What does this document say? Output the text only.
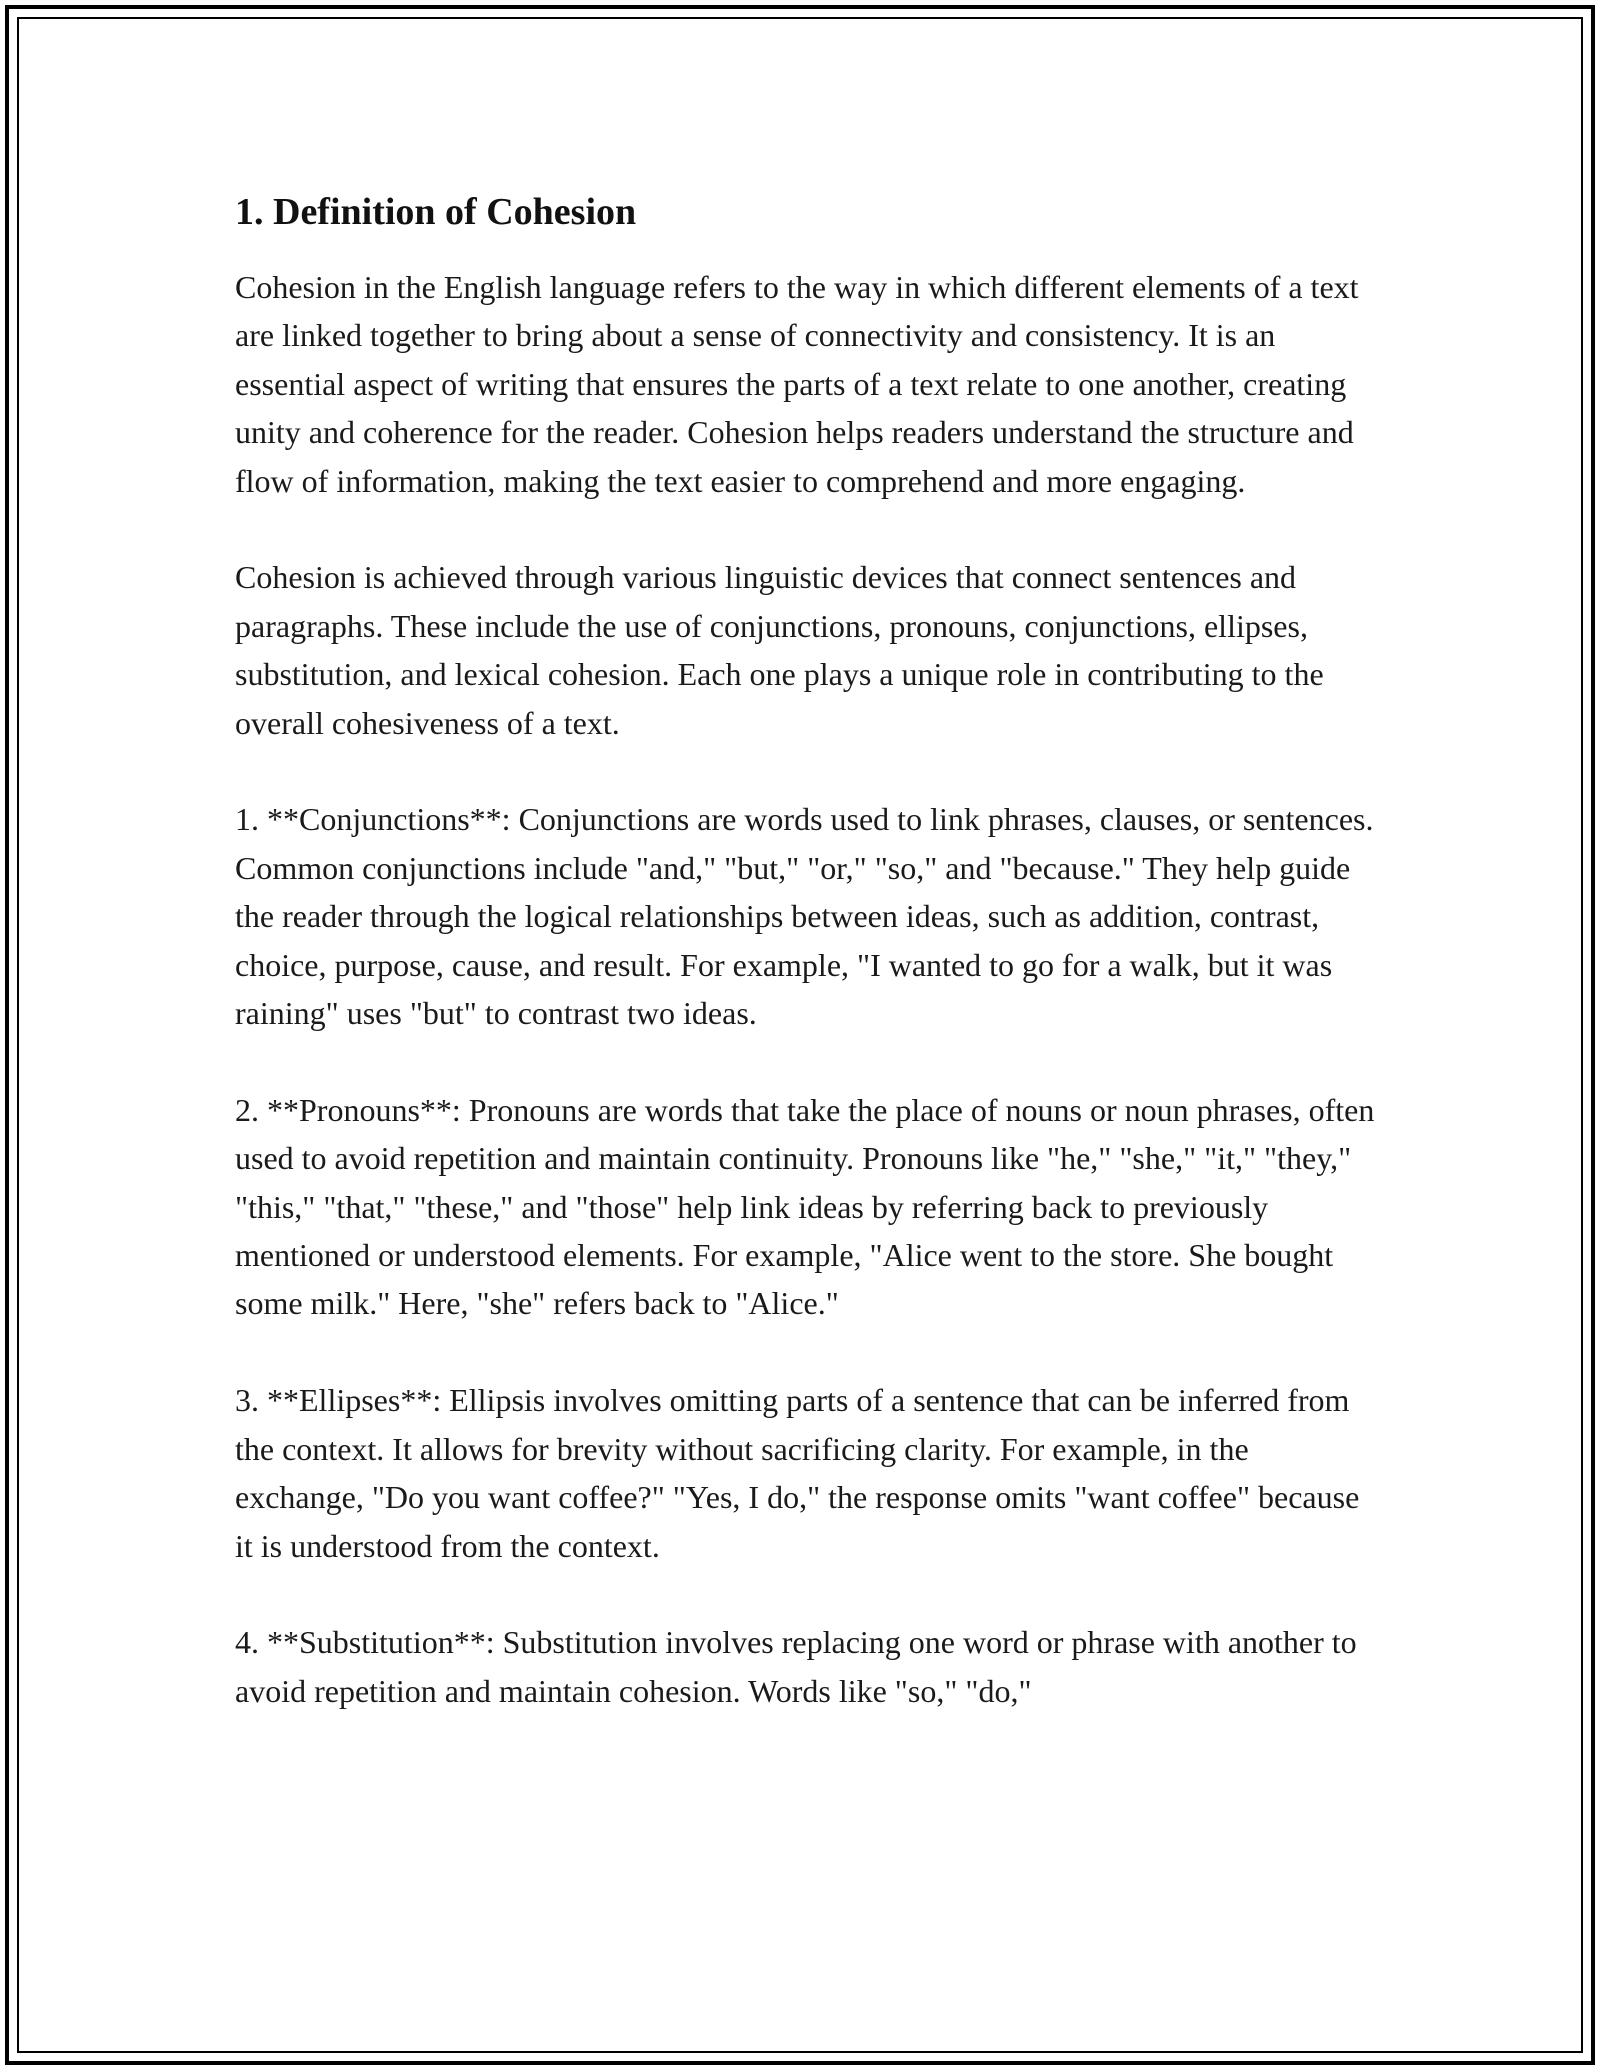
1. Definition of Cohesion

Cohesion in the English language refers to the way in which different elements of a text are linked together to bring about a sense of connectivity and consistency. It is an essential aspect of writing that ensures the parts of a text relate to one another, creating unity and coherence for the reader. Cohesion helps readers understand the structure and flow of information, making the text easier to comprehend and more engaging.

Cohesion is achieved through various linguistic devices that connect sentences and paragraphs. These include the use of conjunctions, pronouns, conjunctions, ellipses, substitution, and lexical cohesion. Each one plays a unique role in contributing to the overall cohesiveness of a text.

1. **Conjunctions**: Conjunctions are words used to link phrases, clauses, or sentences. Common conjunctions include "and," "but," "or," "so," and "because." They help guide the reader through the logical relationships between ideas, such as addition, contrast, choice, purpose, cause, and result. For example, "I wanted to go for a walk, but it was raining" uses "but" to contrast two ideas.

2. **Pronouns**: Pronouns are words that take the place of nouns or noun phrases, often used to avoid repetition and maintain continuity. Pronouns like "he," "she," "it," "they," "this," "that," "these," and "those" help link ideas by referring back to previously mentioned or understood elements. For example, "Alice went to the store. She bought some milk." Here, "she" refers back to "Alice."

3. **Ellipses**: Ellipsis involves omitting parts of a sentence that can be inferred from the context. It allows for brevity without sacrificing clarity. For example, in the exchange, "Do you want coffee?" "Yes, I do," the response omits "want coffee" because it is understood from the context.

4. **Substitution**: Substitution involves replacing one word or phrase with another to avoid repetition and maintain cohesion. Words like "so," "do,"
